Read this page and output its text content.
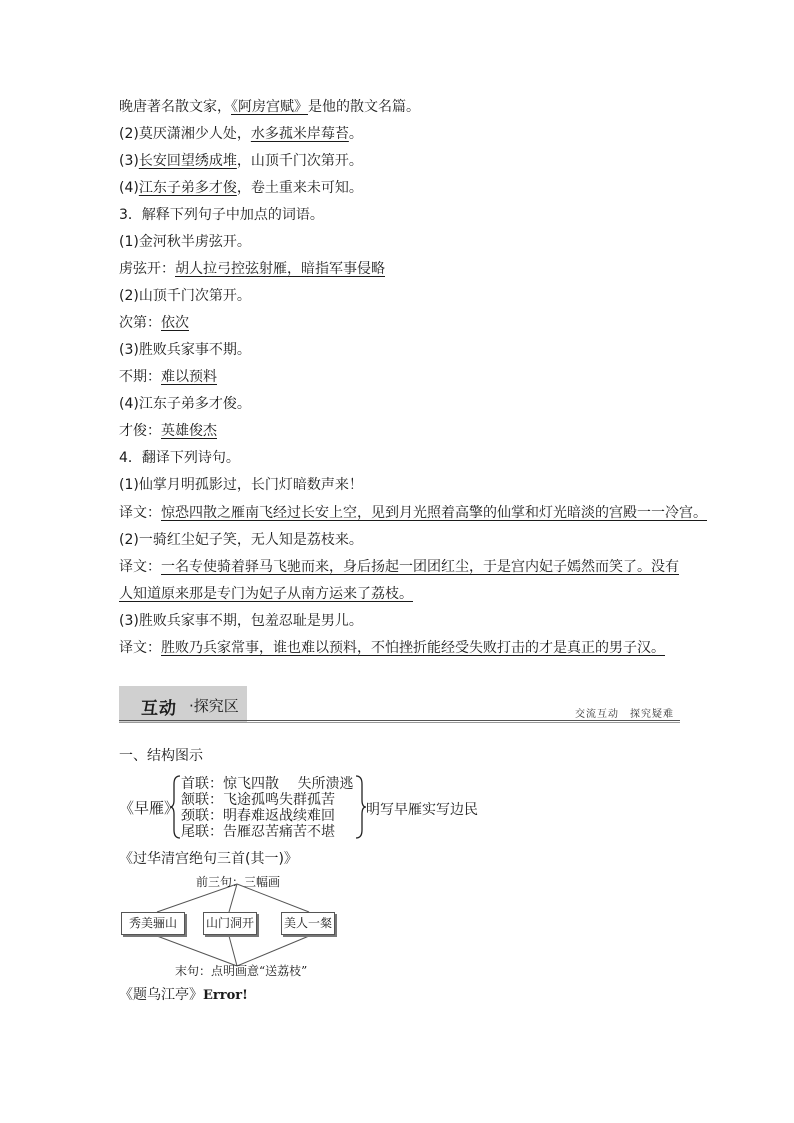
晚唐著名散文家，《阿房宫赋》是他的散文名篇。
(2)莫厌潇湘少人处，水多菰米岸莓苔。
(3)长安回望绣成堆，山顶千门次第开。
(4)江东子弟多才俊，卷土重来未可知。
3．解释下列句子中加点的词语。
(1)金河秋半虏弦开。
虏弦开：胡人拉弓控弦射雁，暗指军事侵略
(2)山顶千门次第开。
次第：依次
(3)胜败兵家事不期。
不期：难以预料
(4)江东子弟多才俊。
才俊：英雄俊杰
4．翻译下列诗句。
(1)仙掌月明孤影过，长门灯暗数声来！
译文：惊恐四散之雁南飞经过长安上空，见到月光照着高擎的仙掌和灯光暗淡的宫殿一一冷宫。
(2)一骑红尘妃子笑，无人知是荔枝来。
译文：一名专使骑着驿马飞驰而来，身后扬起一团团红尘，于是宫内妃子嫣然而笑了。没有
人知道原来那是专门为妃子从南方运来了荔枝。
(3)胜败兵家事不期，包羞忍耻是男儿。
译文：胜败乃兵家常事，谁也难以预料，不怕挫折能经受失败打击的才是真正的男子汉。
互动 ·探究区	交流互动　探究疑难
一、结构图示
《早雁》
首联：惊飞四散　 失所溃逃
颔联：飞途孤鸣失群孤苦
颈联：明春难返战续难回
尾联：告雁忍苦痛苦不堪
明写早雁实写边民
《过华清宫绝句三首(其一)》
前三句：三幅画
秀美骊山	山门洞开 美人一粲
末句：点明画意“送荔枝”
《题乌江亭》Error!
